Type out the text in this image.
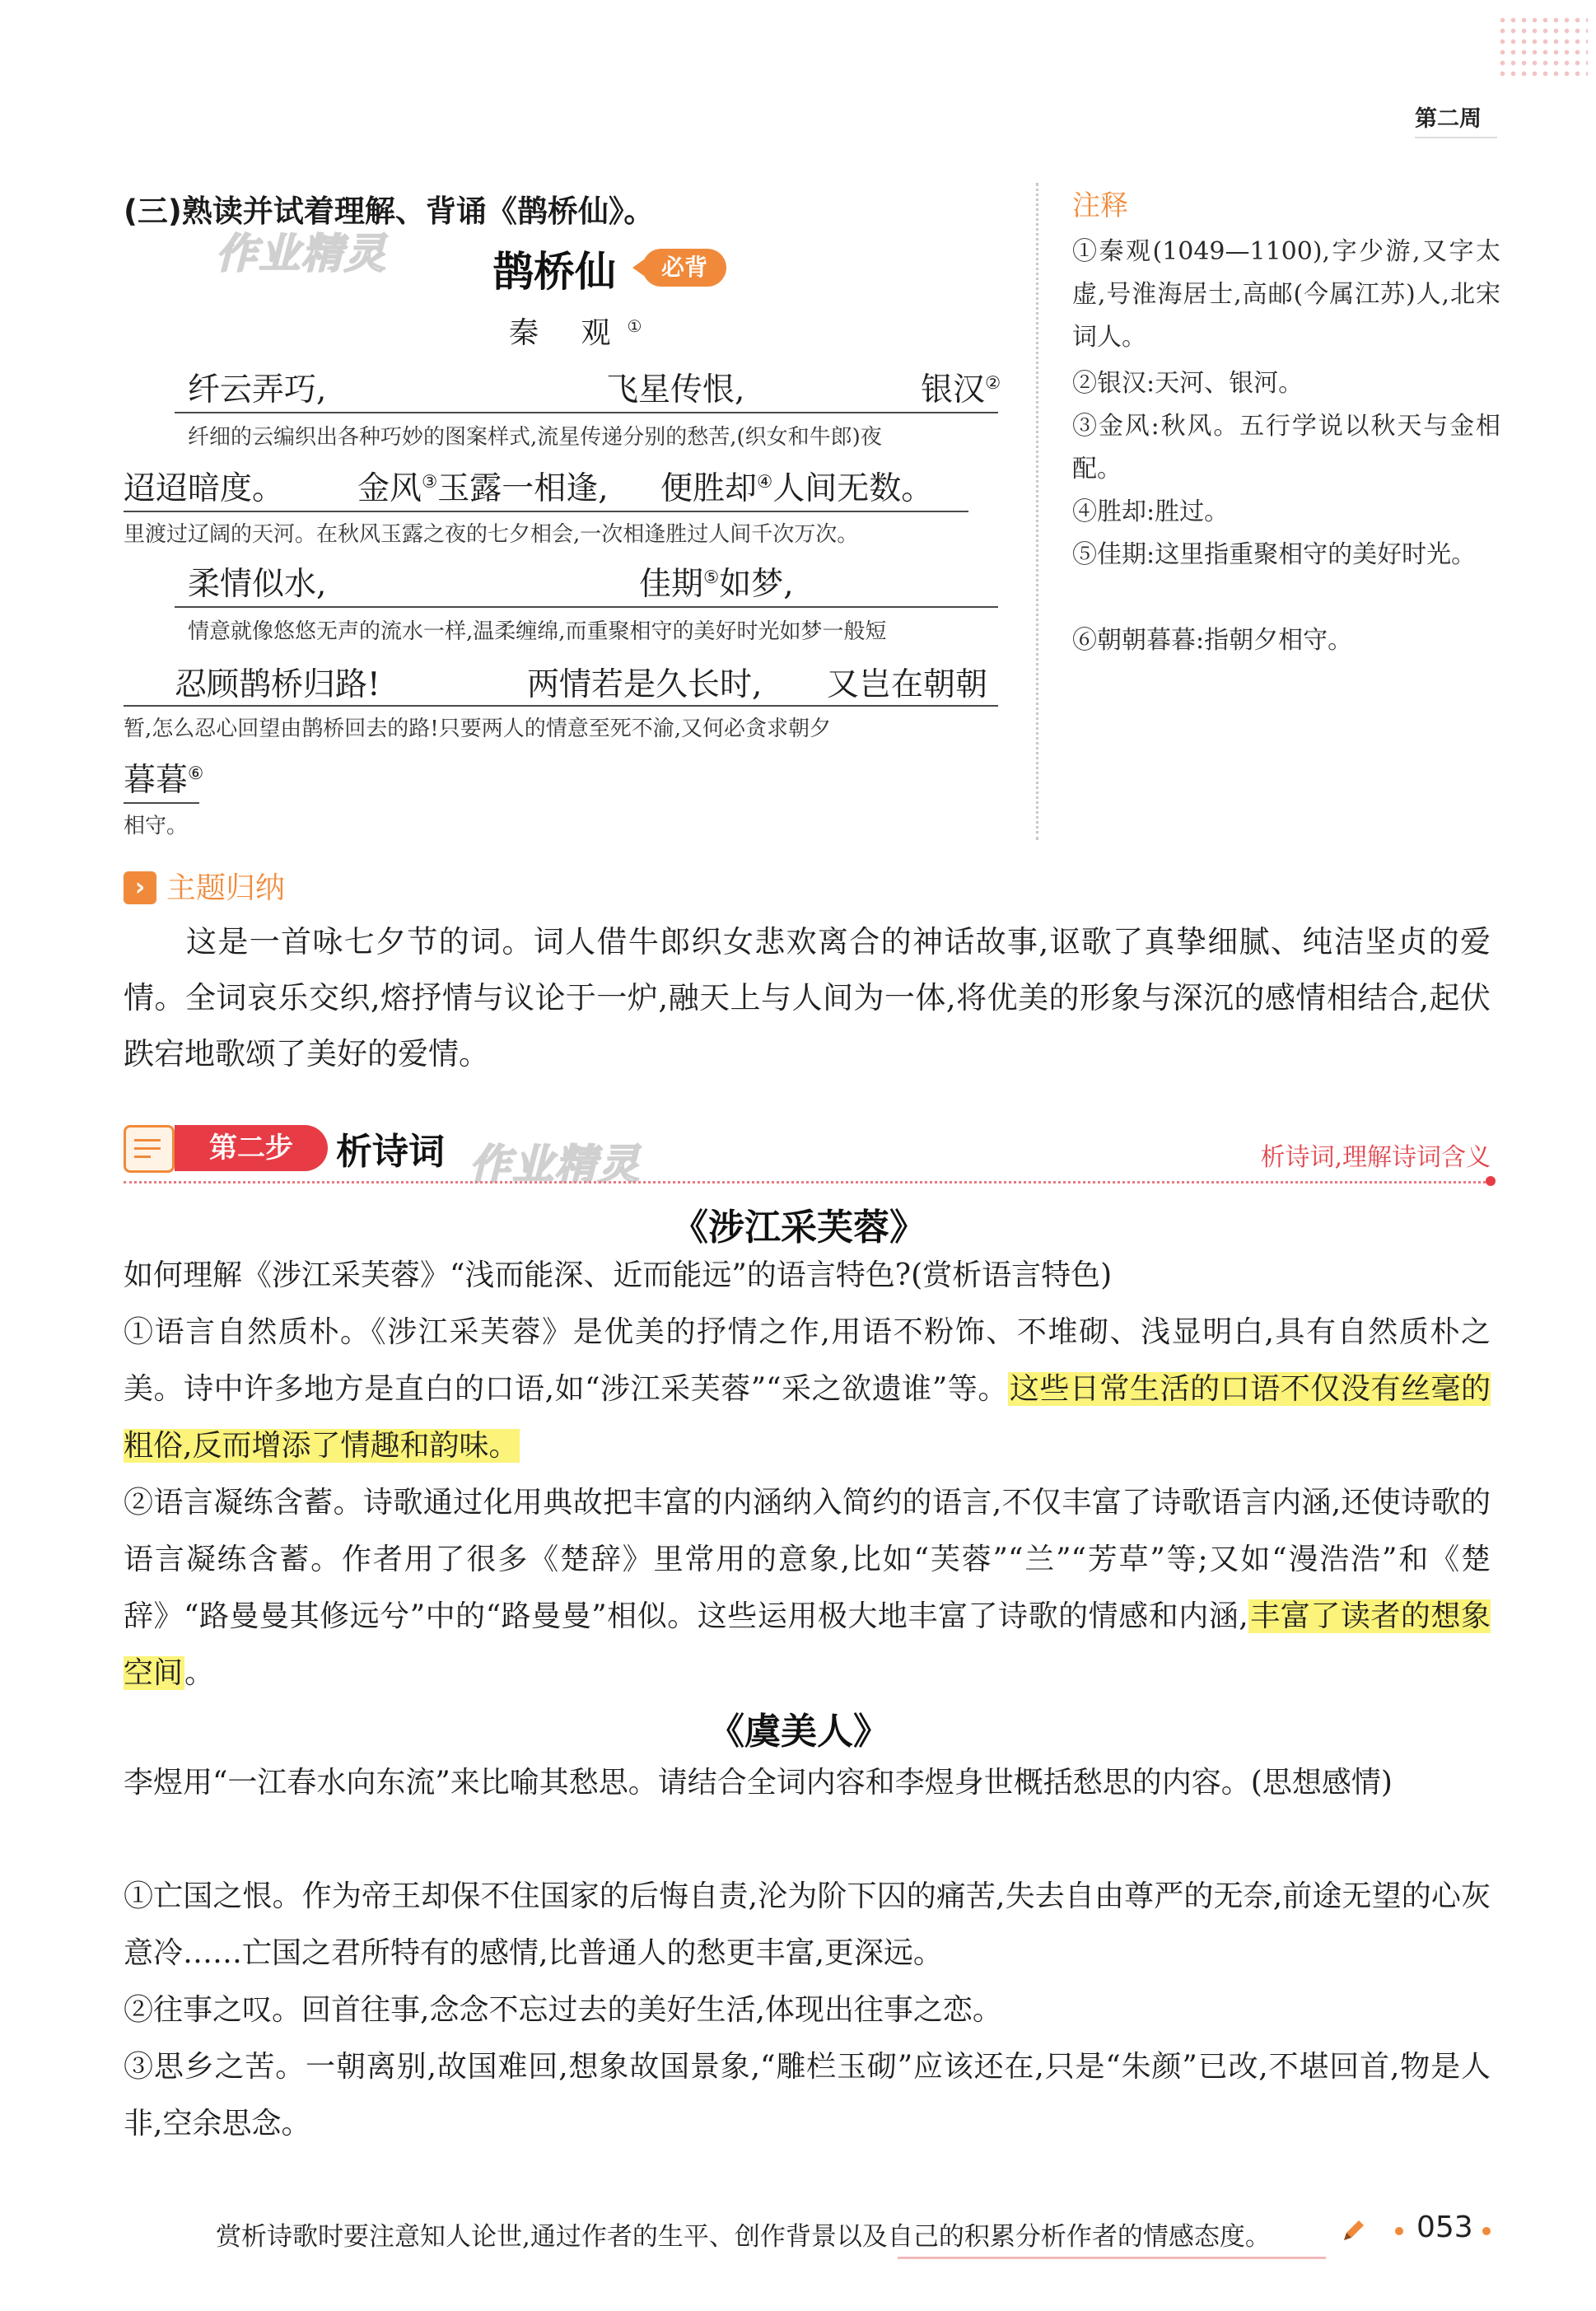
第二周
(三)熟读并试着理解、背诵《鹊桥仙》。
作业精灵	鹊桥仙	必背
秦 观①
纤云弄巧,	飞星传恨,	银汉②
纤细的云编织出各种巧妙的图案样式,流星传递分别的愁苦,(织女和牛郎)夜
迢迢暗度。 金风③玉露一相逢, 便胜却④人间无数。
里渡过辽阔的天河。在秋风玉露之夜的七夕相会,一次相逢胜过人间千次万次。
柔情似水,	佳期⑤如梦,
情意就像悠悠无声的流水一样,温柔缠绵,而重聚相守的美好时光如梦一般短
忍顾鹊桥归路!	两情若是久长时, 又岂在朝朝
暂,怎么忍心回望由鹊桥回去的路!只要两人的情意至死不渝,又何必贪求朝夕
暮暮⑥
相守。
注释
①秦观(1049—1100),字少游,又字太虚,号淮海居士,高邮(今属江苏)人,北宋词人。
②银汉:天河、银河。
③金风:秋风。五行学说以秋天与金相配。
④胜却:胜过。
⑤佳期:这里指重聚相守的美好时光。
⑥朝朝暮暮:指朝夕相守。
› 主题归纳
这是一首咏七夕节的词。词人借牛郎织女悲欢离合的神话故事,讴歌了真挚细腻、纯洁坚贞的爱情。全词哀乐交织,熔抒情与议论于一炉,融天上与人间为一体,将优美的形象与深沉的感情相结合,起伏跌宕地歌颂了美好的爱情。
第二步	析诗词 作业精灵	析诗词,理解诗词含义
《涉江采芙蓉》
如何理解《涉江采芙蓉》“浅而能深、近而能远”的语言特色?(赏析语言特色)
①语言自然质朴。《涉江采芙蓉》是优美的抒情之作,用语不粉饰、不堆砌、浅显明白,具有自然质朴之美。诗中许多地方是直白的口语,如“涉江采芙蓉”“采之欲遗谁”等。这些日常生活的口语不仅没有丝毫的粗俗,反而增添了情趣和韵味。
②语言凝练含蓄。诗歌通过化用典故把丰富的内涵纳入简约的语言,不仅丰富了诗歌语言内涵,还使诗歌的语言凝练含蓄。作者用了很多《楚辞》里常用的意象,比如“芙蓉”“兰”“芳草”等;又如“漫浩浩”和《楚辞》“路曼曼其修远兮”中的“路曼曼”相似。这些运用极大地丰富了诗歌的情感和内涵,丰富了读者的想象空间。
《虞美人》
李煜用“一江春水向东流”来比喻其愁思。请结合全词内容和李煜身世概括愁思的内容。(思想感情)
①亡国之恨。作为帝王却保不住国家的后悔自责,沦为阶下囚的痛苦,失去自由尊严的无奈,前途无望的心灰意冷……亡国之君所特有的感情,比普通人的愁更丰富,更深远。
②往事之叹。回首往事,念念不忘过去的美好生活,体现出往事之恋。
③思乡之苦。一朝离别,故国难回,想象故国景象,“雕栏玉砌”应该还在,只是“朱颜”已改,不堪回首,物是人非,空余思念。
赏析诗歌时要注意知人论世,通过作者的生平、创作背景以及自己的积累分析作者的情感态度。	053
